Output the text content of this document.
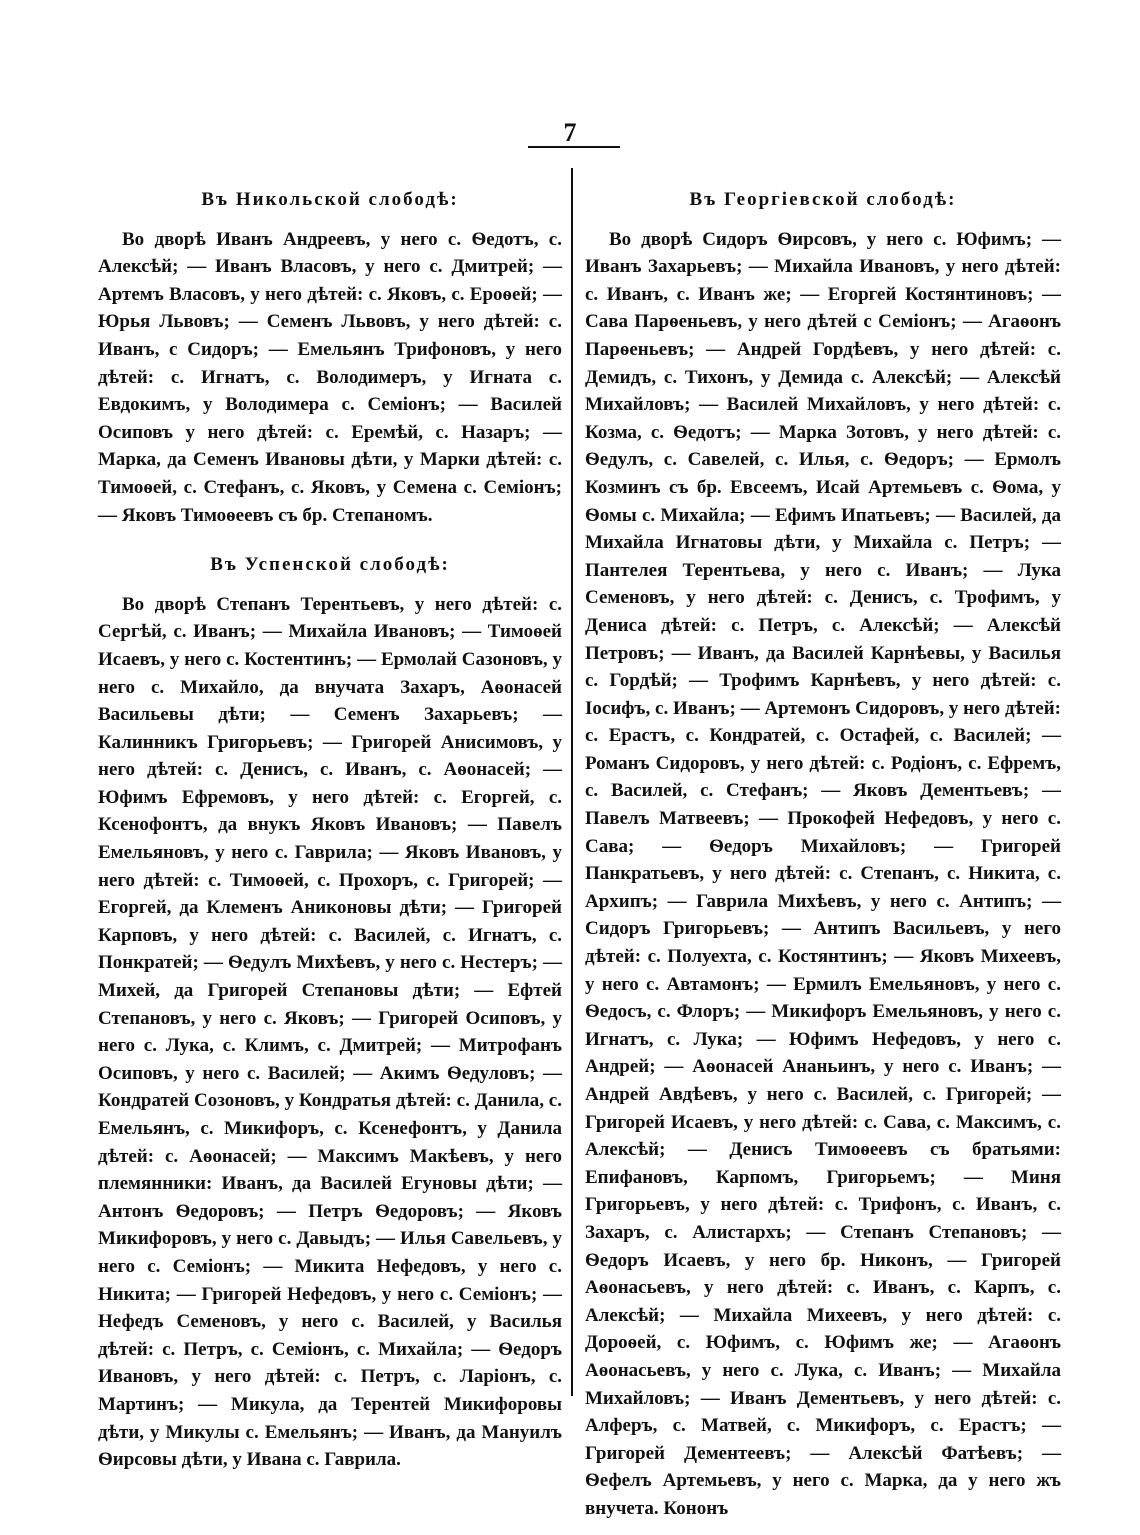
7
Въ Никольской слободѣ:
Во дворѣ Иванъ Андреевъ, у него с. Ѳедотъ, с. Алексѣй; — Иванъ Власовъ, у него с. Дмитрей; — Артемъ Власовъ, у него дѣтей: с. Яковъ, с. Ероѳей; — Юрья Львовъ; — Семенъ Львовъ, у него дѣтей: с. Иванъ, с Сидоръ; — Емельянъ Трифоновъ, у него дѣтей: с. Игнатъ, с. Володимеръ, у Игната с. Евдокимъ, у Володимера с. Семіонъ; — Василей Осиповъ у него дѣтей: с. Еремѣй, с. Назаръ; — Марка, да Семенъ Ивановы дѣти, у Марки дѣтей: с. Тимоѳей, с. Стефанъ, с. Яковъ, у Семена с. Семіонъ; — Яковъ Тимоѳеевъ съ бр. Степаномъ.
Въ Успенской слободѣ:
Во дворѣ Степанъ Терентьевъ, у него дѣтей: с. Сергѣй, с. Иванъ; — Михайла Ивановъ; — Тимоѳей Исаевъ, у него с. Костентинъ; — Ермолай Сазоновъ, у него с. Михайло, да внучата Захаръ, Аѳонасей Васильевы дѣти; — Семенъ Захарьевъ; — Калинникъ Григорьевъ; — Григорей Анисимовъ, у него дѣтей: с. Денисъ, с. Иванъ, с. Аѳонасей; — Юфимъ Ефремовъ, у него дѣтей: с. Егоргей, с. Ксенофонтъ, да внукъ Яковъ Ивановъ; — Павелъ Емельяновъ, у него с. Гаврила; — Яковъ Ивановъ, у него дѣтей: с. Тимоѳей, с. Прохоръ, с. Григорей; — Егоргей, да Клеменъ Аниконовы дѣти; — Григорей Карповъ, у него дѣтей: с. Василей, с. Игнатъ, с. Понкратей; — Ѳедулъ Михѣевъ, у него с. Нестеръ; — Михей, да Григорей Степановы дѣти; — Ефтей Степановъ, у него с. Яковъ; — Григорей Осиповъ, у него с. Лука, с. Климъ, с. Дмитрей; — Митрофанъ Осиповъ, у него с. Василей; — Акимъ Ѳедуловъ; — Кондратей Созоновъ, у Кондратья дѣтей: с. Данила, с. Емельянъ, с. Микифоръ, с. Ксенефонтъ, у Данила дѣтей: с. Аѳонасей; — Максимъ Макѣевъ, у него племянники: Иванъ, да Василей Егуновы дѣти; — Антонъ Ѳедоровъ; — Петръ Ѳедоровъ; — Яковъ Микифоровъ, у него с. Давыдъ; — Илья Савельевъ, у него с. Семіонъ; — Микита Нефедовъ, у него с. Никита; — Григорей Нефедовъ, у него с. Семіонъ; — Нефедъ Семеновъ, у него с. Василей, у Василья дѣтей: с. Петръ, с. Семіонъ, с. Михайла; — Ѳедоръ Ивановъ, у него дѣтей: с. Петръ, с. Ларіонъ, с. Мартинъ; — Микула, да Терентей Микифоровы дѣти, у Микулы с. Емельянъ; — Иванъ, да Мануилъ Ѳирсовы дѣти, у Ивана с. Гаврила.
Въ Георгіевской слободѣ:
Во дворѣ Сидоръ Ѳирсовъ, у него с. Юфимъ; —Иванъ Захарьевъ; — Михайла Ивановъ, у него дѣтей: с. Иванъ, с. Иванъ же; — Егоргей Костянтиновъ; — Сава Парѳеньевъ, у него дѣтей с Семіонъ; — Агаѳонъ Парѳеньевъ; — Андрей Гордѣевъ, у него дѣтей: с. Демидъ, с. Тихонъ, у Демида с. Алексѣй; — Алексѣй Михайловъ; — Василей Михайловъ, у него дѣтей: с. Козма, с. Ѳедотъ; — Марка Зотовъ, у него дѣтей: с. Ѳедулъ, с. Савелей, с. Илья, с. Ѳедоръ; — Ермолъ Козминъ съ бр. Евсеемъ, Исай Артемьевъ с. Ѳома, у Ѳомы с. Михайла; — Ефимъ Ипатьевъ; — Василей, да Михайла Игнатовы дѣти, у Михайла с. Петръ; — Пантелея Терентьева, у него с. Иванъ; — Лука Семеновъ, у него дѣтей: с. Денисъ, с. Трофимъ, у Дениса дѣтей: с. Петръ, с. Алексѣй; — Алексѣй Петровъ; — Иванъ, да Василей Карнѣевы, у Василья с. Гордѣй; — Трофимъ Карнѣевъ, у него дѣтей: с. Іосифъ, с. Иванъ; — Артемонъ Сидоровъ, у него дѣтей: с. Ерастъ, с. Кондратей, с. Остафей, с. Василей; — Романъ Сидоровъ, у него дѣтей: с. Родіонъ, с. Ефремъ, с. Василей, с. Стефанъ; — Яковъ Дементьевъ; — Павелъ Матвеевъ; — Прокофей Нефедовъ, у него с. Сава; — Ѳедоръ Михайловъ; — Григорей Панкратьевъ, у него дѣтей: с. Степанъ, с. Никита, с. Архипъ; — Гаврила Михѣевъ, у него с. Антипъ; — Сидоръ Григорьевъ; — Антипъ Васильевъ, у него дѣтей: с. Полуехта, с. Костянтинъ; — Яковъ Михеевъ, у него с. Автамонъ; — Ермилъ Емельяновъ, у него с. Ѳедосъ, с. Флоръ; — Микифоръ Емельяновъ, у него с. Игнатъ, с. Лука; — Юфимъ Нефедовъ, у него с. Андрей; — Аѳонасей Ананьинъ, у него с. Иванъ; — Андрей Авдѣевъ, у него с. Василей, с. Григорей; — Григорей Исаевъ, у него дѣтей: с. Сава, с. Максимъ, с. Алексѣй; — Денисъ Тимоѳеевъ съ братьями: Епифановъ, Карпомъ, Григорьемъ; — Миня Григорьевъ, у него дѣтей: с. Трифонъ, с. Иванъ, с. Захаръ, с. Алистархъ; — Степанъ Степановъ; — Ѳедоръ Исаевъ, у него бр. Никонъ, — Григорей Аѳонасьевъ, у него дѣтей: с. Иванъ, с. Карпъ, с. Алексѣй; — Михайла Михеевъ, у него дѣтей: с. Дороѳей, с. Юфимъ, с. Юфимъ же; — Агаѳонъ Аѳонасьевъ, у него с. Лука, с. Иванъ; — Михайла Михайловъ; — Иванъ Дементьевъ, у него дѣтей: с. Алферъ, с. Матвей, с. Микифоръ, с. Ерастъ; — Григорей Дементеевъ; — Алексѣй Фатѣевъ; — Ѳефелъ Артемьевъ, у него с. Марка, да у него жъ внучета. Кононъ
